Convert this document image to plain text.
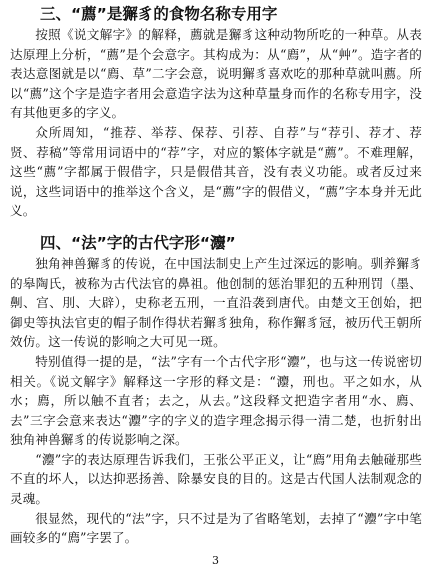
三、“薦”是獬豸的食物名称专用字

按照《说文解字》的解释，薦就是獬豸这种动物所吃的一种草。从表达原理上分析，“薦”是个会意字。其构成为：从“廌”，从“艸”。造字者的表达意图就是以“廌、草”二字会意，说明獬豸喜欢吃的那种草就叫薦。所以“薦”这个字是造字者用会意造字法为这种草量身而作的名称专用字，没有其他更多的字义。

众所周知，“推荐、举荐、保荐、引荐、自荐”与“荐引、荐才、荐贤、荐稿”等常用词语中的“荐”字，对应的繁体字就是“薦”。不难理解，这些“薦”字都属于假借字，只是假借其音，没有表义功能。或者反过来说，这些词语中的推举这个含义，是“薦”字的假借义，“薦”字本身并无此义。

四、“法”字的古代字形“灋”

独角神兽獬豸的传说，在中国法制史上产生过深远的影响。驯养獬豸的皋陶氏，被称为古代法官的鼻祖。他创制的惩治罪犯的五种刑罚（墨、劓、宫、刖、大辟），史称老五刑，一直沿袭到唐代。由楚文王创始，把御史等执法官吏的帽子制作得状若獬豸独角，称作獬豸冠，被历代王朝所效仿。这一传说的影响之大可见一斑。

特别值得一提的是，“法”字有一个古代字形“灋”，也与这一传说密切相关。《说文解字》解释这一字形的释文是：“灋，刑也。平之如水，从水；廌，所以触不直者；去之，从去。”这段释文把造字者用“水、廌、去”三字会意来表达“灋”字的字义的造字理念揭示得一清二楚，也折射出独角神兽獬豸的传说影响之深。

“灋”字的表达原理告诉我们，王张公平正义，让“廌”用角去触碰那些不直的坏人，以达抑恶扬善、除暴安良的目的。这是古代国人法制观念的灵魂。

很显然，现代的“法”字，只不过是为了省略笔划，去掉了“灋”字中笔画较多的“廌”字罢了。

3
